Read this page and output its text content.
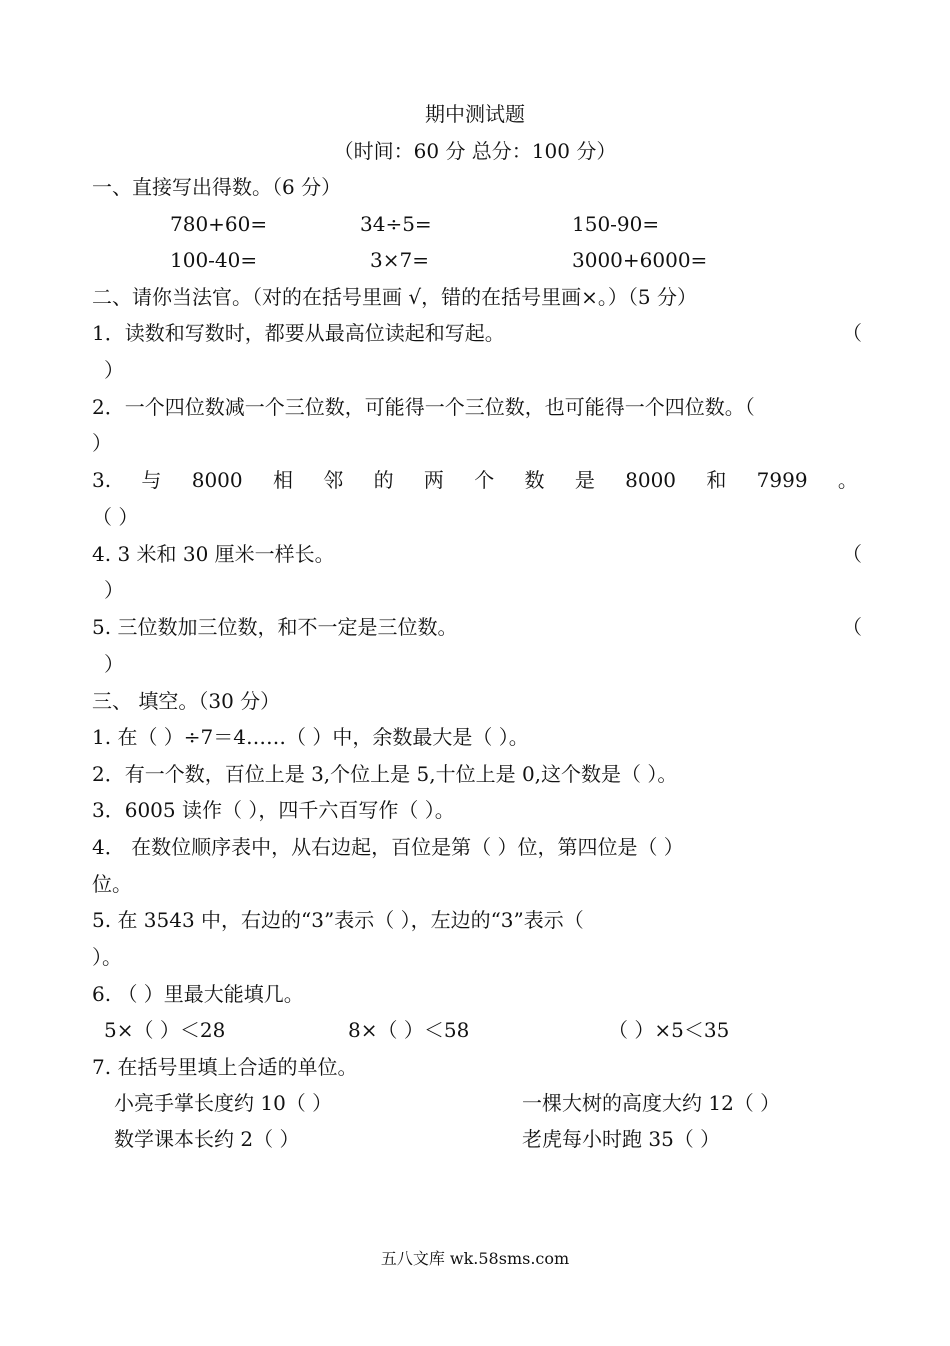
期中测试题
（时间：60 分 总分：100 分）
一、直接写出得数。（6 分）
780+60=	34÷5=	150-90=
100-40=	3×7=	3000+6000=
二、请你当法官。（对的在括号里画 √，错的在括号里画×。）（5 分）
1．读数和写数时，都要从最高位读起和写起。	（
）
2．一个四位数减一个三位数，可能得一个三位数，也可能得一个四位数。（
）
3. 与 8000 相 邻 的 两 个 数 是 8000 和 7999 。
（ ）
4. 3 米和 30 厘米一样长。	（
）
5. 三位数加三位数，和不一定是三位数。	（
）
三、 填空。（30 分）
1. 在（ ）÷7＝4……（ ）中，余数最大是（ ）。
2．有一个数，百位上是 3,个位上是 5,十位上是 0,这个数是（ ）。
3．6005 读作（ ），四千六百写作（ ）。
4． 在数位顺序表中，从右边起，百位是第（ ）位，第四位是（ ）
位。
5. 在 3543 中，右边的“3”表示（ ），左边的“3”表示（
）。
6. （ ）里最大能填几。
5×（ ）＜28	8×（ ）＜58	（ ）×5＜35
7. 在括号里填上合适的单位。
小亮手掌长度约 10（ ）	一棵大树的高度大约 12（ ）
数学课本长约 2（ ）	老虎每小时跑 35（ ）
五八文库 wk.58sms.com
